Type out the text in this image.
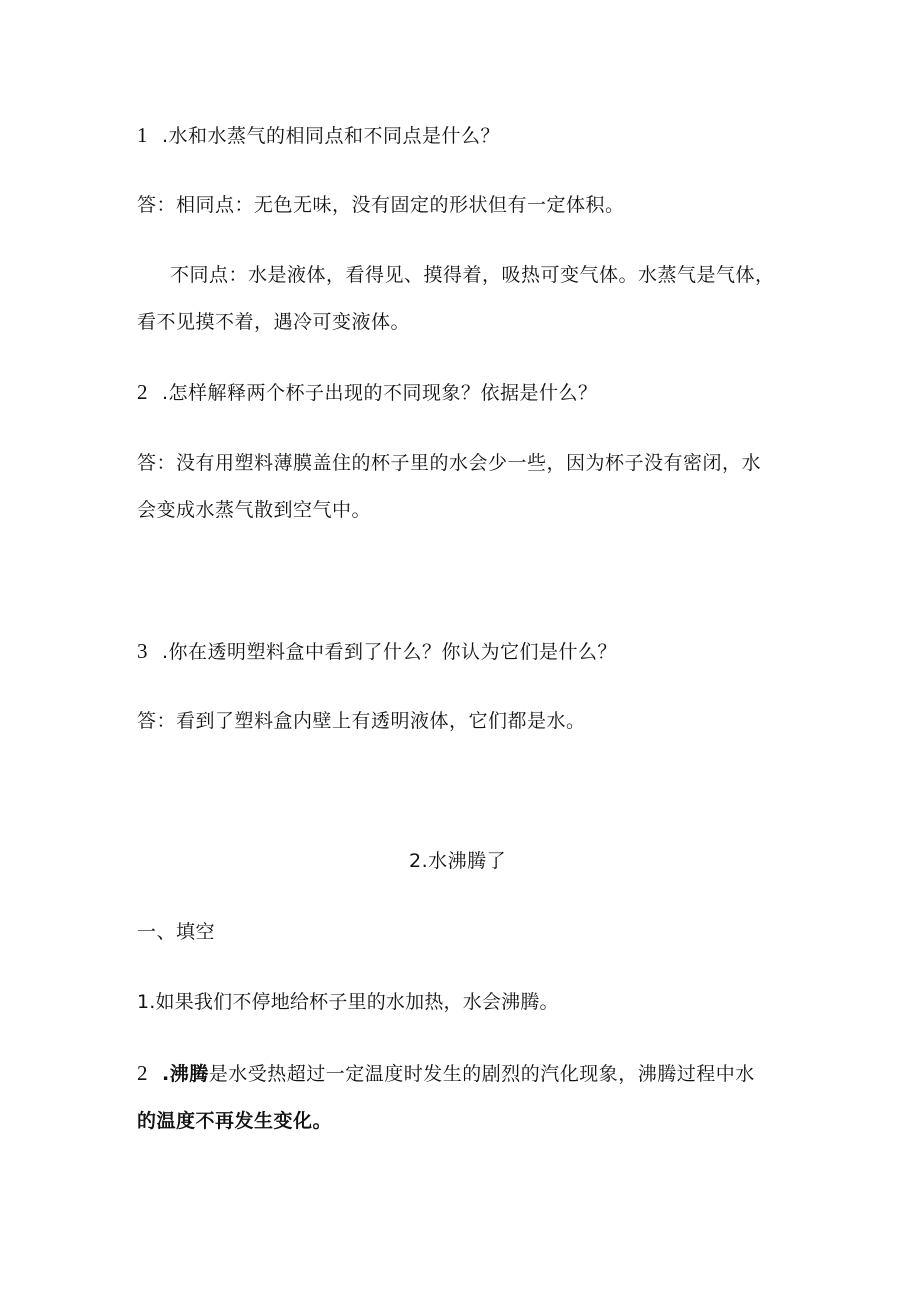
1 .水和水蒸气的相同点和不同点是什么？
答：相同点：无色无味，没有固定的形状但有一定体积。
不同点：水是液体，看得见、摸得着，吸热可变气体。水蒸气是气体，
看不见摸不着，遇冷可变液体。
2 .怎样解释两个杯子出现的不同现象？依据是什么？
答：没有用塑料薄膜盖住的杯子里的水会少一些，因为杯子没有密闭，水
会变成水蒸气散到空气中。
3 .你在透明塑料盒中看到了什么？你认为它们是什么？
答：看到了塑料盒内壁上有透明液体，它们都是水。
2.水沸腾了
一、填空
1.如果我们不停地给杯子里的水加热，水会沸腾。
2 .沸腾是水受热超过一定温度时发生的剧烈的汽化现象，沸腾过程中水
的温度不再发生变化。
